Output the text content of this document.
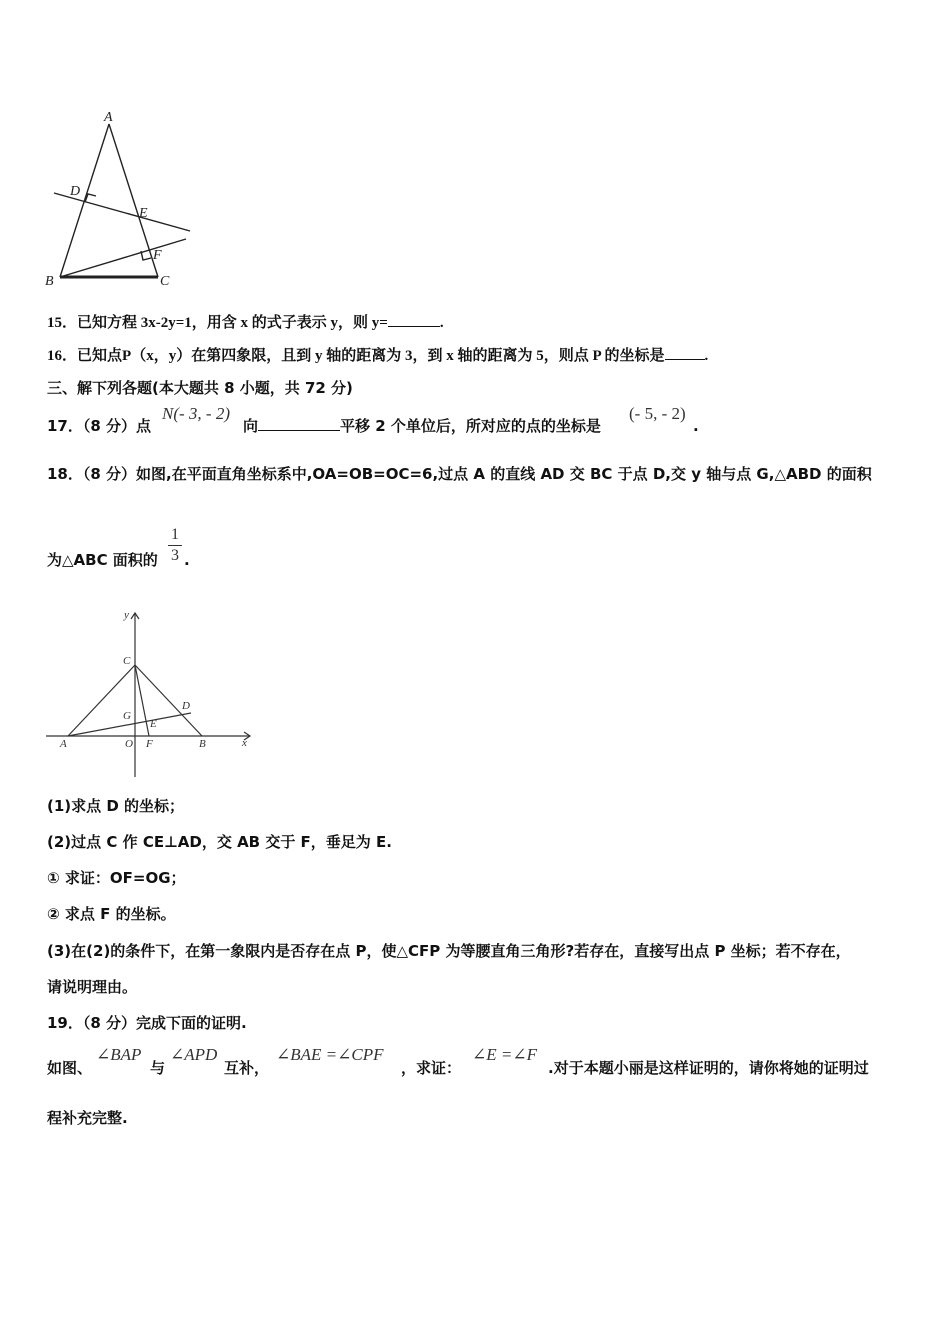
A
D
E
F
B	C
15．已知方程 3x-2y=1，用含 x 的式子表示 y，则 y=	.
16．已知点P（x，y）在第四象限，且到 y 轴的距离为 3，到 x 轴的距离为 5，则点 P 的坐标是	.
三、解下列各题(本大题共 8 小题，共 72 分)
17．（8 分）点
N(- 3, - 2)
向	平移 2 个单位后，所对应的点的坐标是
(- 5, - 2)
.
18．（8 分）如图,在平面直角坐标系中,OA=OB=OC=6,过点 A 的直线 AD 交 BC 于点 D,交 y 轴与点 G,△ABD 的面积
为△ABC 面积的
1
3 .
y
x
C
G
D
E
A	O F	B
(1)求点 D 的坐标；
(2)过点 C 作 CE⊥AD，交 AB 交于 F，垂足为 E.
① 求证：OF=OG；
② 求点 F 的坐标。
(3)在(2)的条件下，在第一象限内是否存在点 P，使△CFP 为等腰直角三角形?若存在，直接写出点 P 坐标；若不存在，
请说明理由。
19．（8 分）完成下面的证明.
如图、
∠BAP
与
∠APD
互补，
∠BAE =∠CPF
，求证：
∠E =∠F
.对于本题小丽是这样证明的，请你将她的证明过
程补充完整.
